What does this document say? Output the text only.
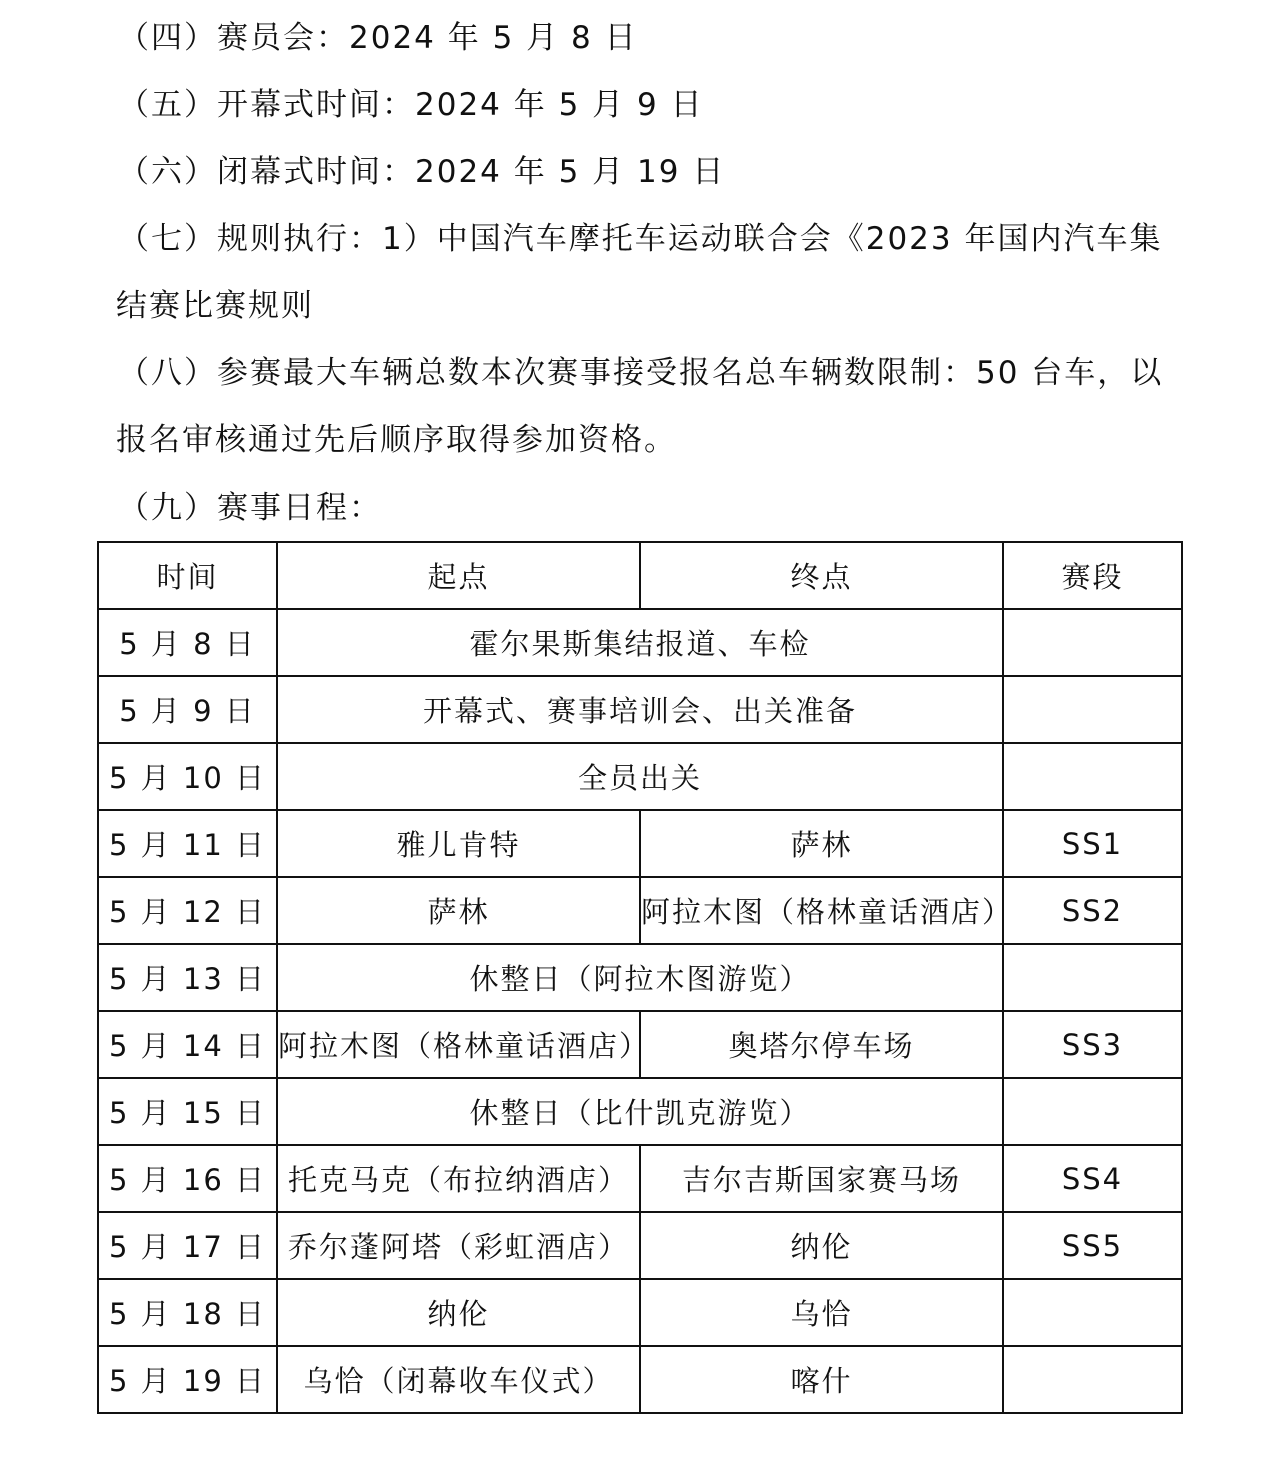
（四）赛员会：2024 年 5 月 8 日
（五）开幕式时间：2024 年 5 月 9 日
（六）闭幕式时间：2024 年 5 月 19 日
（七）规则执行：1）中国汽车摩托车运动联合会《2023 年国内汽车集
结赛比赛规则
（八）参赛最大车辆总数本次赛事接受报名总车辆数限制：50 台车，以
报名审核通过先后顺序取得参加资格。
（九）赛事日程：
时间	起点	终点	赛段
5 月 8 日	霍尔果斯集结报道、车检		
5 月 9 日	开幕式、赛事培训会、出关准备		
5 月 10 日	全员出关		
5 月 11 日	雅儿肯特	萨林	SS1
5 月 12 日	萨林	阿拉木图（格林童话酒店）	SS2
5 月 13 日	休整日（阿拉木图游览）		
5 月 14 日	阿拉木图（格林童话酒店）	奥塔尔停车场	SS3
5 月 15 日	休整日（比什凯克游览）		
5 月 16 日	托克马克（布拉纳酒店）	吉尔吉斯国家赛马场	SS4
5 月 17 日	乔尔蓬阿塔（彩虹酒店）	纳伦	SS5
5 月 18 日	纳伦	乌恰	
5 月 19 日	乌恰（闭幕收车仪式）	喀什	
